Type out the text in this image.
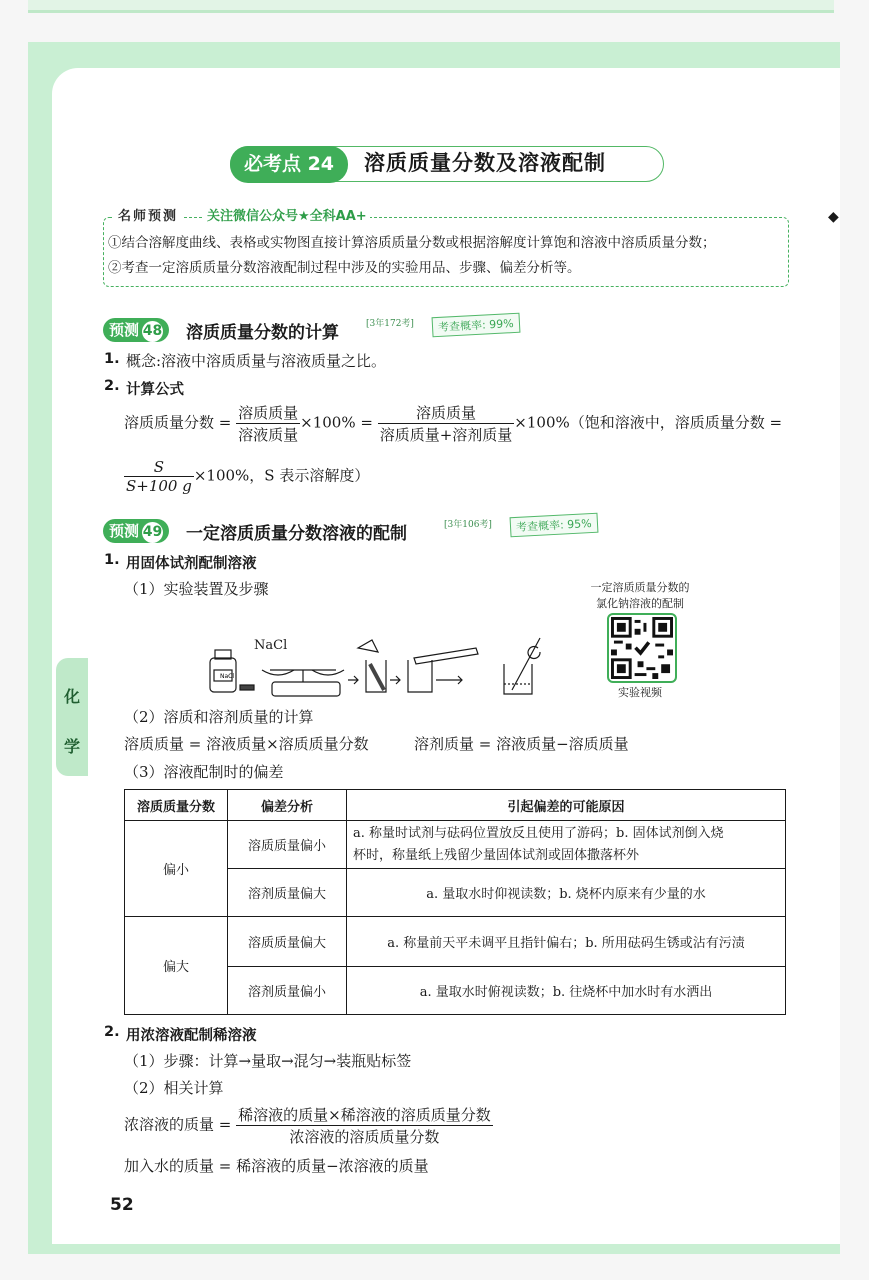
必考点 24	溶质质量分数及溶液配制
名师预测	关注微信公众号★全科AA+
①结合溶解度曲线、表格或实物图直接计算溶质质量分数或根据溶解度计算饱和溶液中溶质质量分数；
②考查一定溶质质量分数溶液配制过程中涉及的实验用品、步骤、偏差分析等。
◆
预测 48	溶质质量分数的计算	[3年172考]	考查概率: 99%
1. 概念:溶液中溶质质量与溶液质量之比。
2. 计算公式
溶质质量分数 = $\frac{\text{溶质质量}}{\text{溶液质量}} \times 100\% = \frac{\text{溶质质量}}{\text{溶质质量+溶剂质量}} \times 100\%$（饱和溶液中，溶质质量分数 =
$\frac{S}{S+100 g} \times 100\%$，S 表示溶解度）
预测 49	一定溶质质量分数溶液的配制	[3年106考]	考查概率: 95%
1. 用固体试剂配制溶液
（1）实验装置及步骤
NaCl
NaCl
一定溶质质量分数的
氯化钠溶液的配制
实验视频
化
学
（2）溶质和溶剂质量的计算
溶质质量 = 溶液质量×溶质质量分数	溶剂质量 = 溶液质量−溶质质量
（3）溶液配制时的偏差
溶质质量分数	偏差分析	引起偏差的可能原因
偏小	溶质质量偏小	a. 称量时试剂与砝码位置放反且使用了游码；b. 固体试剂倒入烧
杯时，称量纸上残留少量固体试剂或固体撒落杯外

	溶剂质量偏大	a. 量取水时仰视读数；b. 烧杯内原来有少量的水
偏大	溶质质量偏大	a. 称量前天平未调平且指针偏右；b. 所用砝码生锈或沾有污渍
	溶剂质量偏小	a. 量取水时俯视读数；b. 往烧杯中加水时有水洒出
2. 用浓溶液配制稀溶液
（1）步骤：计算→量取→混匀→装瓶贴标签
（2）相关计算
浓溶液的质量 = $\frac{\text{稀溶液的质量×稀溶液的溶质质量分数}}{\text{浓溶液的溶质质量分数}}$
加入水的质量 = 稀溶液的质量−浓溶液的质量
52
